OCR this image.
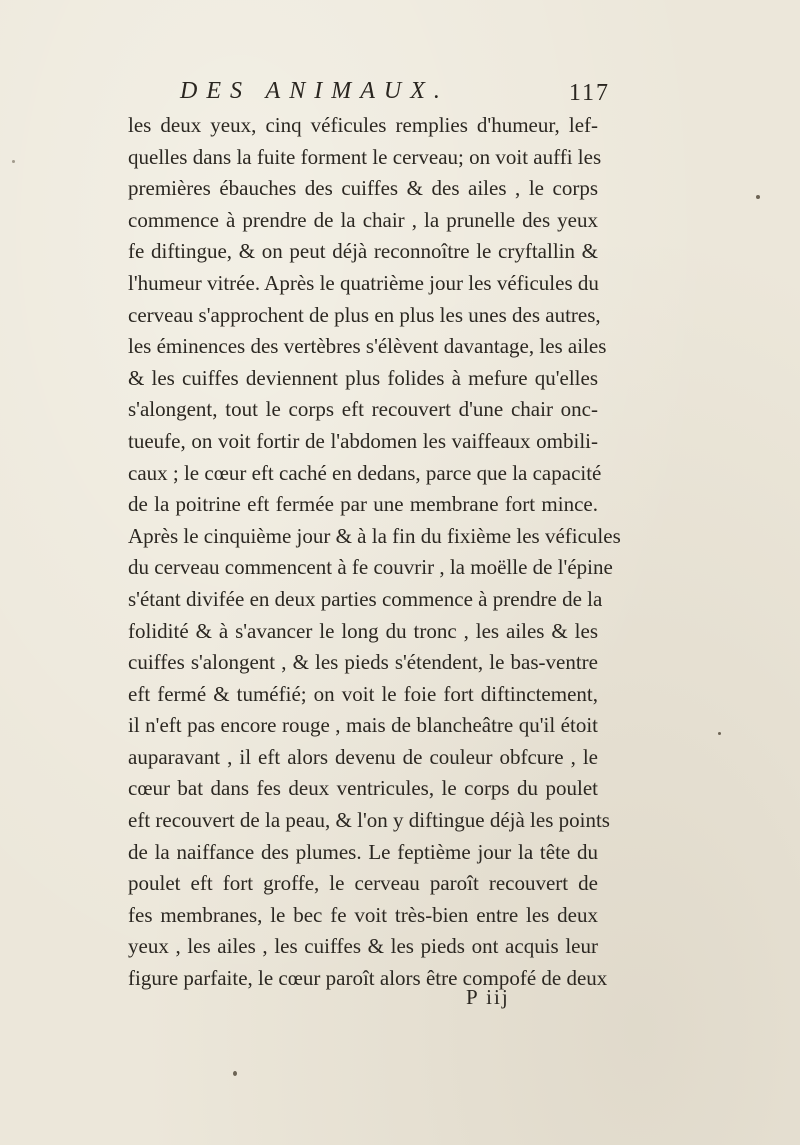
DES ANIMAUX.	117
les deux yeux, cinq véficules remplies d'humeur, lef-
quelles dans la fuite forment le cerveau; on voit auffi les
premières ébauches des cuiffes & des ailes , le corps
commence à prendre de la chair , la prunelle des yeux
fe diftingue, & on peut déjà reconnoître le cryftallin &
l'humeur vitrée. Après le quatrième jour les véficules du
cerveau s'approchent de plus en plus les unes des autres,
les éminences des vertèbres s'élèvent davantage, les ailes
& les cuiffes deviennent plus folides à mefure qu'elles
s'alongent, tout le corps eft recouvert d'une chair onc-
tueufe, on voit fortir de l'abdomen les vaiffeaux ombili-
caux ; le cœur eft caché en dedans, parce que la capacité
de la poitrine eft fermée par une membrane fort mince.
Après le cinquième jour & à la fin du fixième les véficules
du cerveau commencent à fe couvrir , la moëlle de l'épine
s'étant divifée en deux parties commence à prendre de la
folidité & à s'avancer le long du tronc , les ailes & les
cuiffes s'alongent , & les pieds s'étendent, le bas-ventre
eft fermé & tuméfié; on voit le foie fort diftinctement,
il n'eft pas encore rouge , mais de blancheâtre qu'il étoit
auparavant , il eft alors devenu de couleur obfcure , le
cœur bat dans fes deux ventricules, le corps du poulet
eft recouvert de la peau, & l'on y diftingue déjà les points
de la naiffance des plumes. Le feptième jour la tête du
poulet eft fort groffe, le cerveau paroît recouvert de
fes membranes, le bec fe voit très-bien entre les deux
yeux , les ailes , les cuiffes & les pieds ont acquis leur
figure parfaite, le cœur paroît alors être compofé de deux
P iij
